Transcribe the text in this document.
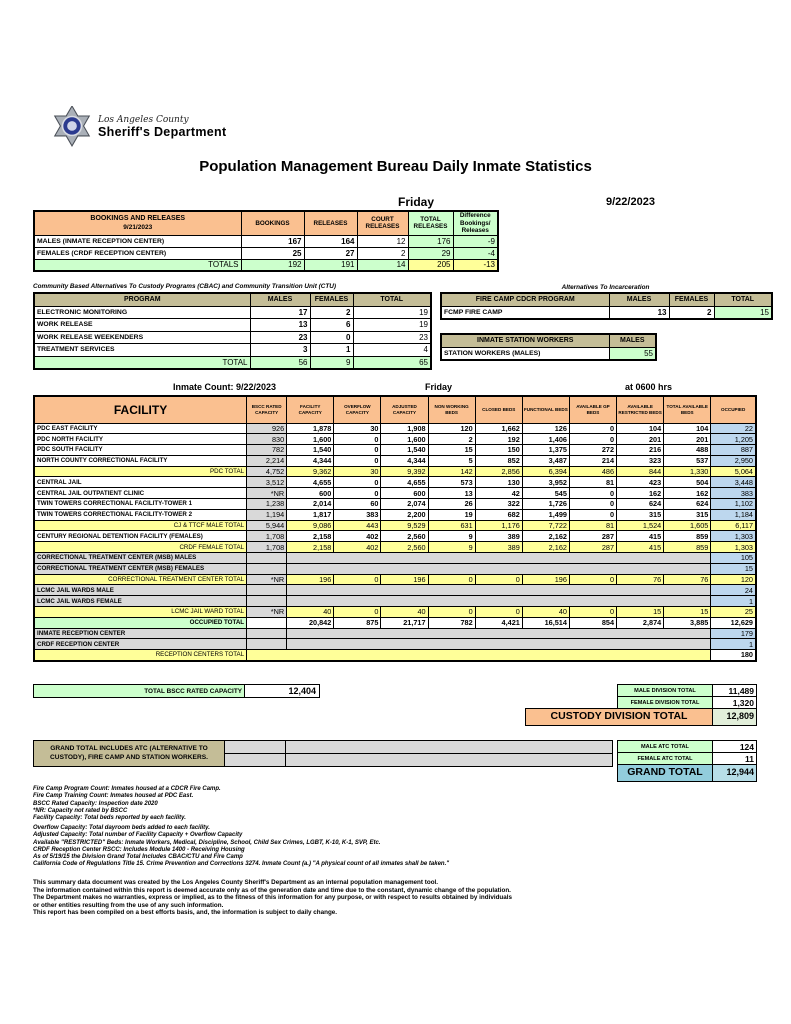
Los Angeles County
Sheriff's Department
Population Management Bureau Daily Inmate Statistics
Friday	9/22/2023
BOOKINGS AND RELEASES
9/21/2023	BOOKINGS	RELEASES	COURT RELEASES	TOTAL RELEASES	Difference Bookings/ Releases
MALES (INMATE RECEPTION CENTER)	167	164	12	176	-9
FEMALES (CRDF RECEPTION CENTER)	25	27	2	29	-4
TOTALS	192	191	14	205	-13
Community Based Alternatives To Custody Programs (CBAC) and Community Transition Unit (CTU)
PROGRAM	MALES	FEMALES	TOTAL
ELECTRONIC MONITORING	17	2	19
WORK RELEASE	13	6	19
WORK RELEASE WEEKENDERS	23	0	23
TREATMENT SERVICES	3	1	4
TOTAL	56	9	65
Alternatives To Incarceration
FIRE CAMP CDCR PROGRAM	MALES	FEMALES	TOTAL
FCMP FIRE CAMP	13	2	15
INMATE STATION WORKERS	MALES
STATION WORKERS (MALES)	55
Inmate Count: 9/22/2023	Friday	at 0600 hrs
FACILITY	BSCC RATED CAPACITY	FACILITY CAPACITY	OVERFLOW CAPACITY	ADJUSTED CAPACITY	NON WORKING BEDS	CLOSED BEDS	FUNCTIONAL BEDS	AVAILABLE GP BEDS	AVAILABLE RESTRICTED BEDS	TOTAL AVAILABLE BEDS	OCCUPIED
PDC EAST FACILITY	926	1,878	30	1,908	120	1,662	126	0	104	104	22
PDC NORTH FACILITY	830	1,600	0	1,600	2	192	1,406	0	201	201	1,205
PDC SOUTH FACILITY	782	1,540	0	1,540	15	150	1,375	272	216	488	887
NORTH COUNTY CORRECTIONAL FACILITY	2,214	4,344	0	4,344	5	852	3,487	214	323	537	2,950
PDC TOTAL	4,752	9,362	30	9,392	142	2,856	6,394	486	844	1,330	5,064
CENTRAL JAIL	3,512	4,655	0	4,655	573	130	3,952	81	423	504	3,448
CENTRAL JAIL OUTPATIENT CLINIC	*NR	600	0	600	13	42	545	0	162	162	383
TWIN TOWERS CORRECTIONAL FACILITY-TOWER 1	1,238	2,014	60	2,074	26	322	1,726	0	624	624	1,102
TWIN TOWERS CORRECTIONAL FACILITY-TOWER 2	1,194	1,817	383	2,200	19	682	1,499	0	315	315	1,184
CJ & TTCF MALE TOTAL	5,944	9,086	443	9,529	631	1,176	7,722	81	1,524	1,605	6,117
CENTURY REGIONAL DETENTION FACILITY (FEMALES)	1,708	2,158	402	2,560	9	389	2,162	287	415	859	1,303
CRDF FEMALE TOTAL	1,708	2,158	402	2,560	9	389	2,162	287	415	859	1,303
CORRECTIONAL TREATMENT CENTER (MSB) MALES											105
CORRECTIONAL TREATMENT CENTER (MSB) FEMALES											15
CORRECTIONAL TREATMENT CENTER TOTAL	*NR	196	0	196	0	0	196	0	76	76	120
LCMC JAIL WARDS MALE											24
LCMC JAIL WARDS FEMALE											1
LCMC JAIL WARD TOTAL	*NR	40	0	40	0	0	40	0	15	15	25
OCCUPIED TOTAL		20,842	875	21,717	782	4,421	16,514	854	2,874	3,885	12,629
INMATE RECEPTION CENTER											179
CRDF RECEPTION CENTER											1
RECEPTION CENTERS TOTAL											180
TOTAL BSCC RATED CAPACITY	12,404	MALE DIVISION TOTAL	11,489
FEMALE DIVISION TOTAL	1,320
CUSTODY DIVISION TOTAL	12,809
GRAND TOTAL INCLUDES ATC (ALTERNATIVE TO CUSTODY), FIRE CAMP AND STATION WORKERS.
MALE ATC TOTAL	124
FEMALE ATC TOTAL	11
GRAND TOTAL	12,944
Fire Camp Program Count: Inmates housed at a CDCR Fire Camp.
Fire Camp Training Count: Inmates housed at PDC East.
BSCC Rated Capacity: Inspection date 2020
*NR: Capacity not rated by BSCC
Facility Capacity: Total beds reported by each facility.
Overflow Capacity: Total dayroom beds added to each facility.
Adjusted Capacity: Total number of Facility Capacity + Overflow Capacity
Available "RESTRICTED" Beds: Inmate Workers, Medical, Discipline, School, Child Sex Crimes, LGBT, K-10, K-1, SVP, Etc.
CRDF Reception Center RSCC: Includes Module 1400 - Receiving Housing
As of 5/19/15 the Division Grand Total Includes CBAC/CTU and Fire Camp
California Code of Regulations Title 15. Crime Prevention and Corrections 3274. Inmate Count (a.) "A physical count of all inmates shall be taken."
This summary data document was created by the Los Angeles County Sheriff's Department as an internal population management tool.
The information contained within this report is deemed accurate only as of the generation date and time due to the constant, dynamic change of the population.
The Department makes no warranties, express or implied, as to the fitness of this information for any purpose, or with respect to results obtained by individuals
or other entities resulting from the use of any such information.
This report has been compiled on a best efforts basis, and, the information is subject to daily change.
